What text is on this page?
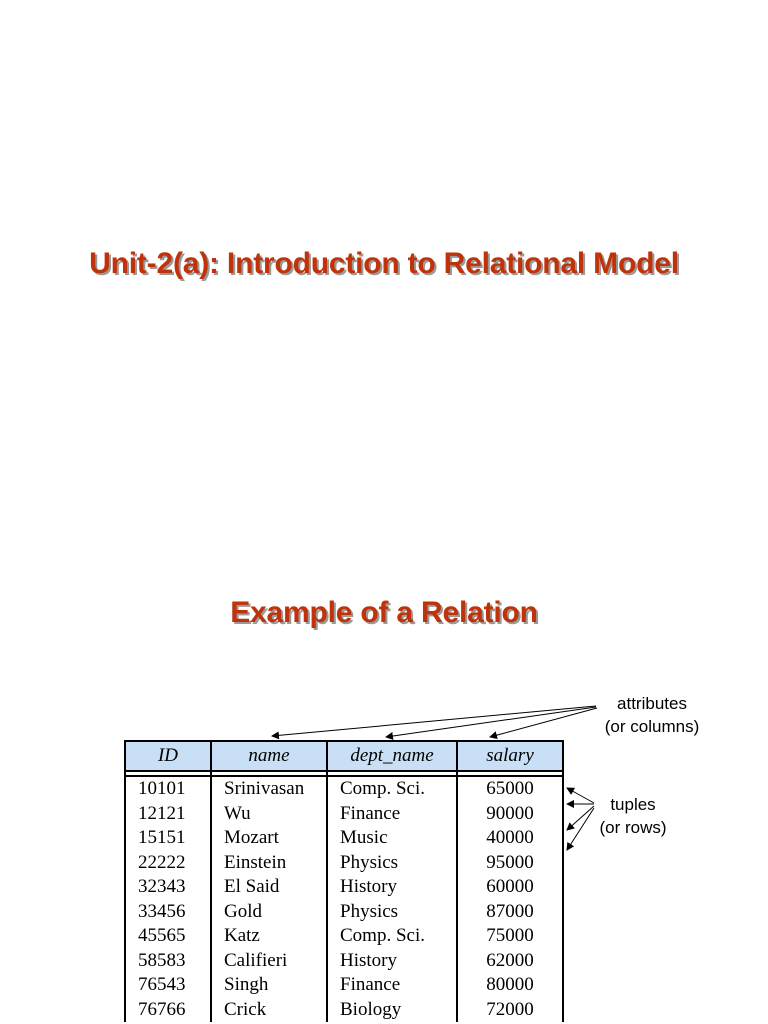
Unit-2(a): Introduction to Relational Model
Example of a Relation
attributes
(or columns)
tuples
(or rows)
ID	name	dept_name	salary

10101	Srinivasan	Comp. Sci.	65000
12121	Wu	Finance	90000
15151	Mozart	Music	40000
22222	Einstein	Physics	95000
32343	El Said	History	60000
33456	Gold	Physics	87000
45565	Katz	Comp. Sci.	75000
58583	Califieri	History	62000
76543	Singh	Finance	80000
76766	Crick	Biology	72000
